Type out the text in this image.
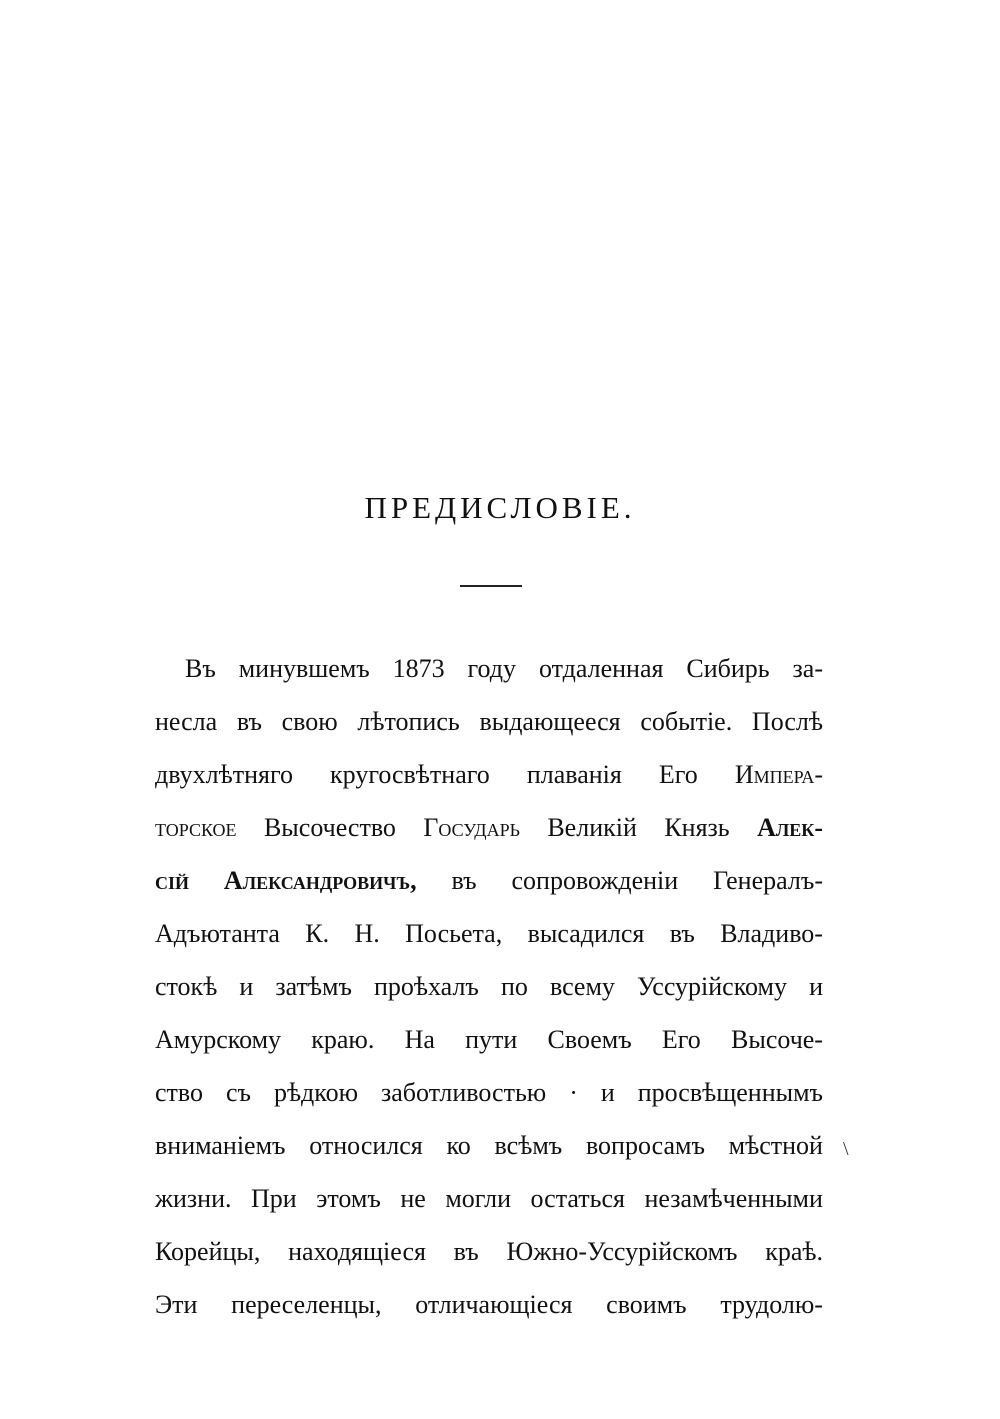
ПРЕДИСЛОВІЕ.
Въ минувшемъ 1873 году отдаленная Сибирь за-
несла въ свою лѣтопись выдающееся событіе. Послѣ
двухлѣтняго кругосвѣтнаго плаванія Его Импера-
торское Высочество Государь Великій Князь Алек-
сій Александровичъ, въ сопровожденіи Генералъ-
Адъютанта К. Н. Посьета, высадился въ Владиво-
стокѣ и затѣмъ проѣхалъ по всему Уссурійскому и
Амурскому краю. На пути Своемъ Его Высоче-
ство съ рѣдкою заботливостью · и просвѣщеннымъ
вниманіемъ относился ко всѣмъ вопросамъ мѣстной
жизни. При этомъ не могли остаться незамѣченными
Корейцы, находящіеся въ Южно-Уссурійскомъ краѣ.
Эти переселенцы, отличающіеся своимъ трудолю-
\
